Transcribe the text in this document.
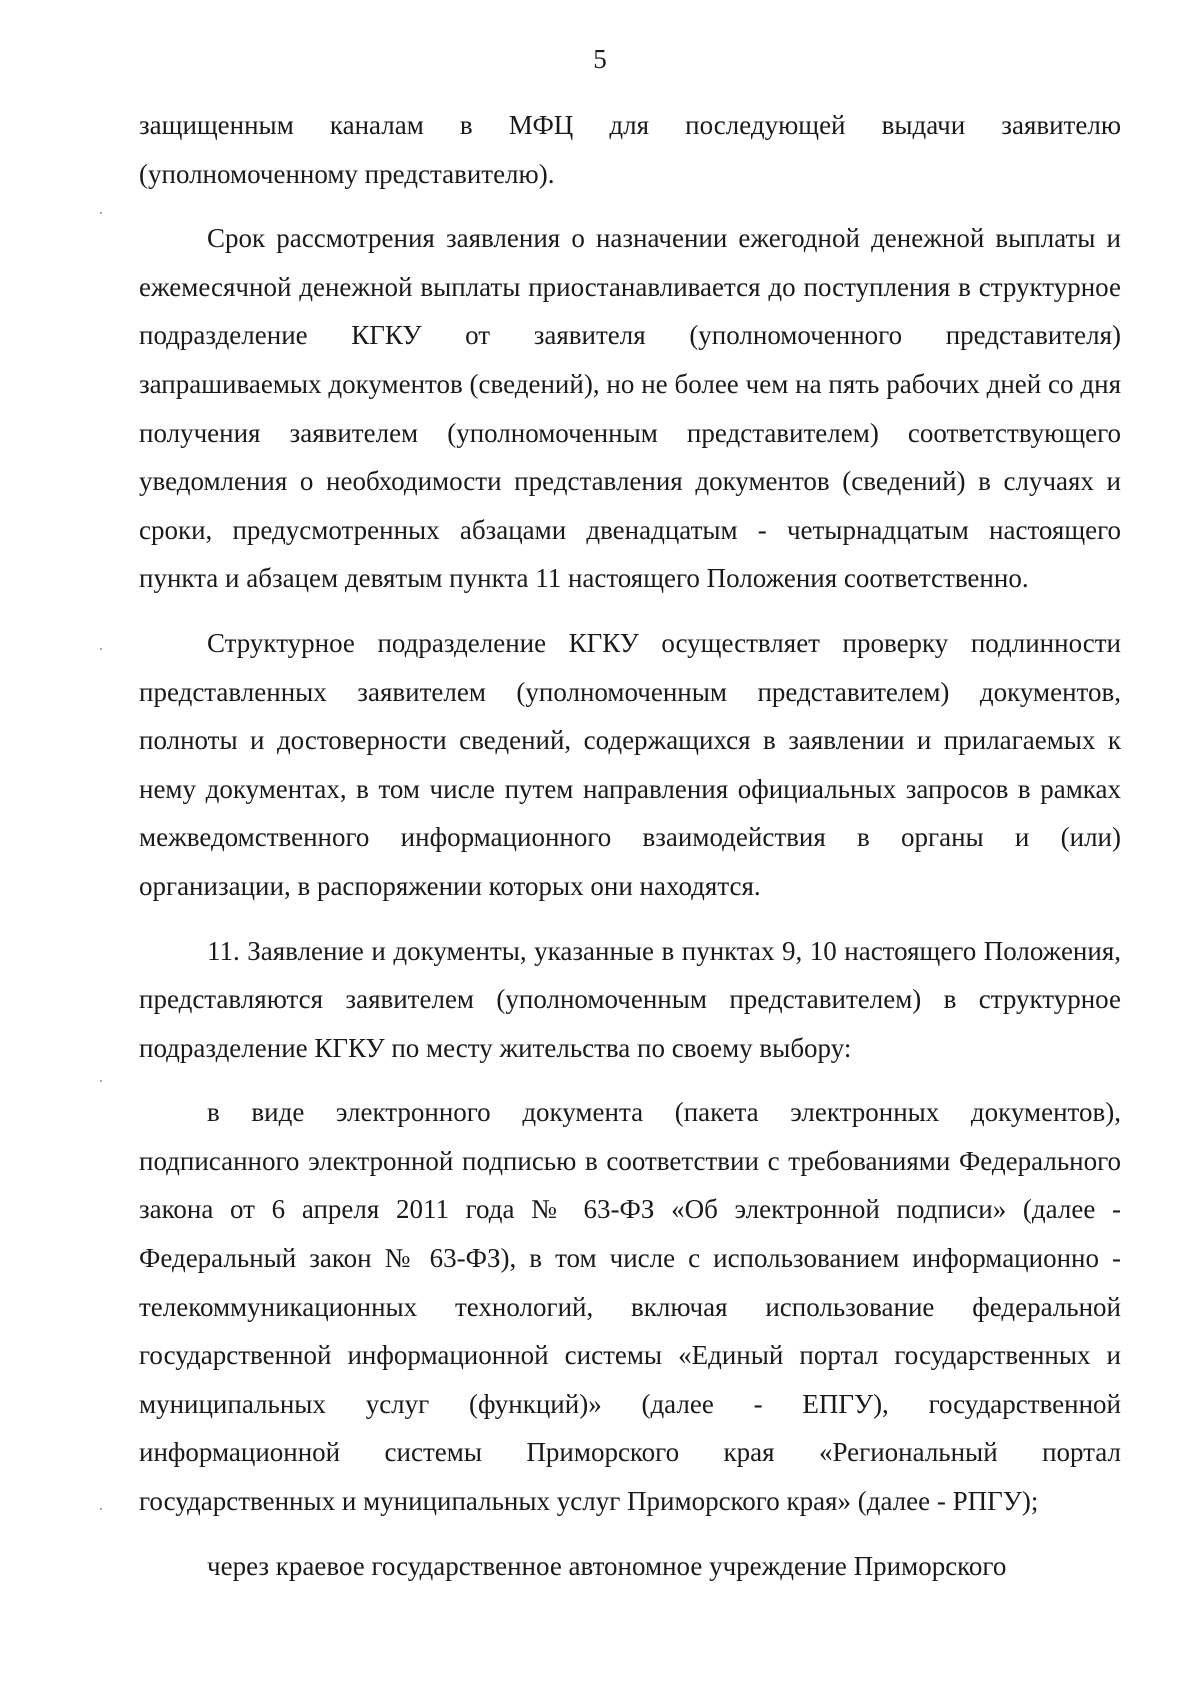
5

защищенным каналам в МФЦ для последующей выдачи заявителю (уполномоченному представителю).

Срок рассмотрения заявления о назначении ежегодной денежной выплаты и ежемесячной денежной выплаты приостанавливается до поступления в структурное подразделение КГКУ от заявителя (уполномоченного представителя) запрашиваемых документов (сведений), но не более чем на пять рабочих дней со дня получения заявителем (уполномоченным представителем) соответствующего уведомления о необходимости представления документов (сведений) в случаях и сроки, предусмотренных абзацами двенадцатым - четырнадцатым настоящего пункта и абзацем девятым пункта 11 настоящего Положения соответственно.

Структурное подразделение КГКУ осуществляет проверку подлинности представленных заявителем (уполномоченным представителем) документов, полноты и достоверности сведений, содержащихся в заявлении и прилагаемых к нему документах, в том числе путем направления официальных запросов в рамках межведомственного информационного взаимодействия в органы и (или) организации, в распоряжении которых они находятся.

11. Заявление и документы, указанные в пунктах 9, 10 настоящего Положения, представляются заявителем (уполномоченным представителем) в структурное подразделение КГКУ по месту жительства по своему выбору:

в виде электронного документа (пакета электронных документов), подписанного электронной подписью в соответствии с требованиями Федерального закона от 6 апреля 2011 года № 63-ФЗ «Об электронной подписи» (далее - Федеральный закон № 63-ФЗ), в том числе с использованием информационно - телекоммуникационных технологий, включая использование федеральной государственной информационной системы «Единый портал государственных и муниципальных услуг (функций)» (далее - ЕПГУ), государственной информационной системы Приморского края «Региональный портал государственных и муниципальных услуг Приморского края» (далее - РПГУ);

через краевое государственное автономное учреждение Приморского
